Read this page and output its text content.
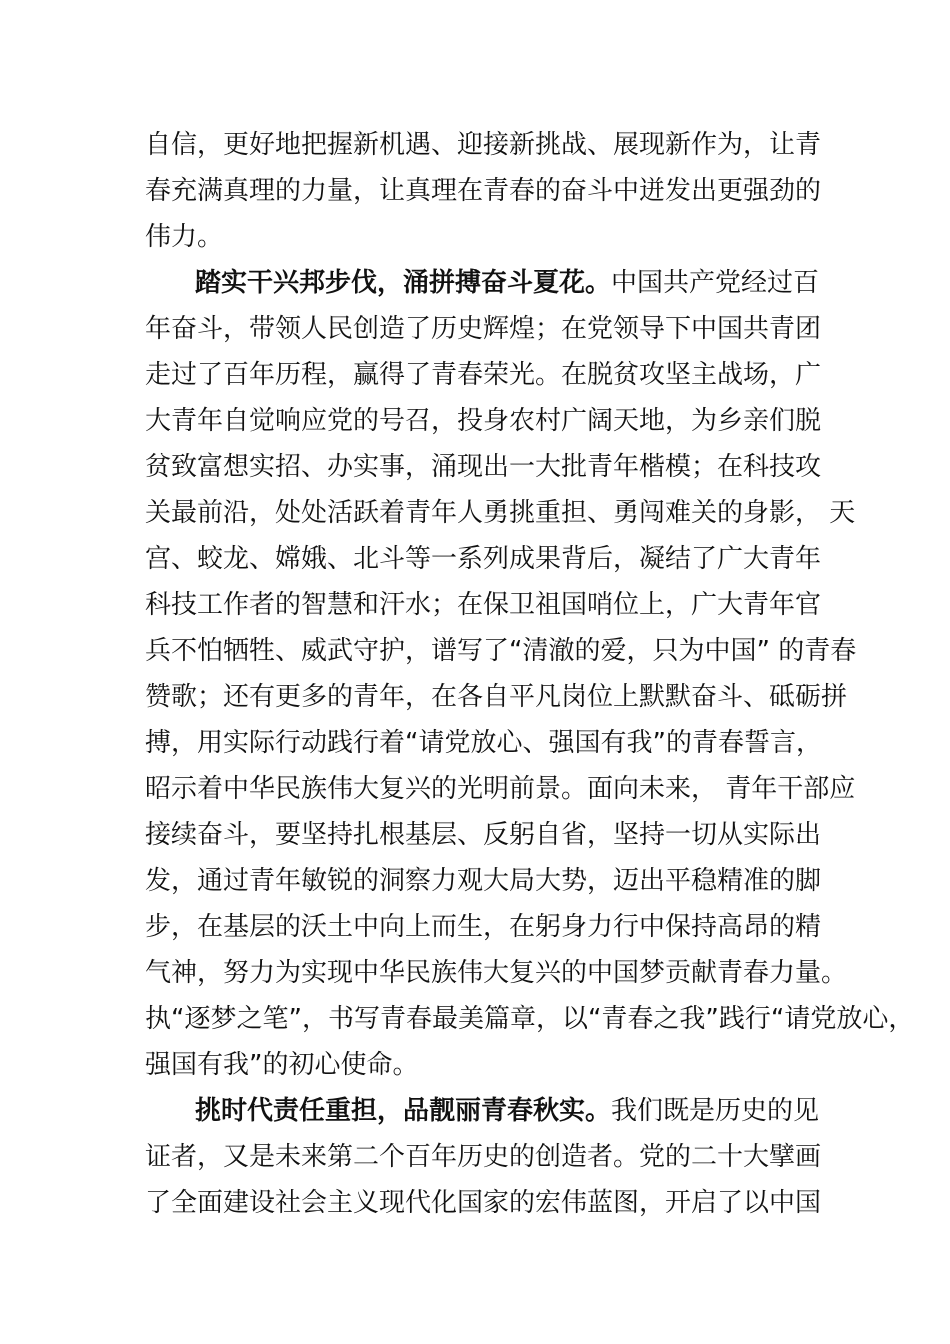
自信，更好地把握新机遇、迎接新挑战、展现新作为，让青
春充满真理的力量，让真理在青春的奋斗中迸发出更强劲的
伟力。
踏实干兴邦步伐，涌拼搏奋斗夏花。中国共产党经过百
年奋斗，带领人民创造了历史辉煌；在党领导下中国共青团
走过了百年历程，赢得了青春荣光。在脱贫攻坚主战场，广
大青年自觉响应党的号召，投身农村广阔天地，为乡亲们脱
贫致富想实招、办实事，涌现出一大批青年楷模；在科技攻
关最前沿，处处活跃着青年人勇挑重担、勇闯难关的身影， 天
宫、蛟龙、嫦娥、北斗等一系列成果背后，凝结了广大青年
科技工作者的智慧和汗水；在保卫祖国哨位上，广大青年官
兵不怕牺牲、威武守护，谱写了“清澈的爱，只为中国” 的青春
赞歌；还有更多的青年，在各自平凡岗位上默默奋斗、砥砺拼
搏，用实际行动践行着“请党放心、强国有我”的青春誓言，
昭示着中华民族伟大复兴的光明前景。面向未来， 青年干部应
接续奋斗，要坚持扎根基层、反躬自省，坚持一切从实际出
发，通过青年敏锐的洞察力观大局大势，迈出平稳精准的脚
步，在基层的沃土中向上而生，在躬身力行中保持高昂的精
气神，努力为实现中华民族伟大复兴的中国梦贡献青春力量。
执“逐梦之笔”，书写青春最美篇章，以“青春之我”践行“请党放心，
强国有我”的初心使命。
挑时代责任重担，品靓丽青春秋实。我们既是历史的见
证者，又是未来第二个百年历史的创造者。党的二十大擘画
了全面建设社会主义现代化国家的宏伟蓝图，开启了以中国
